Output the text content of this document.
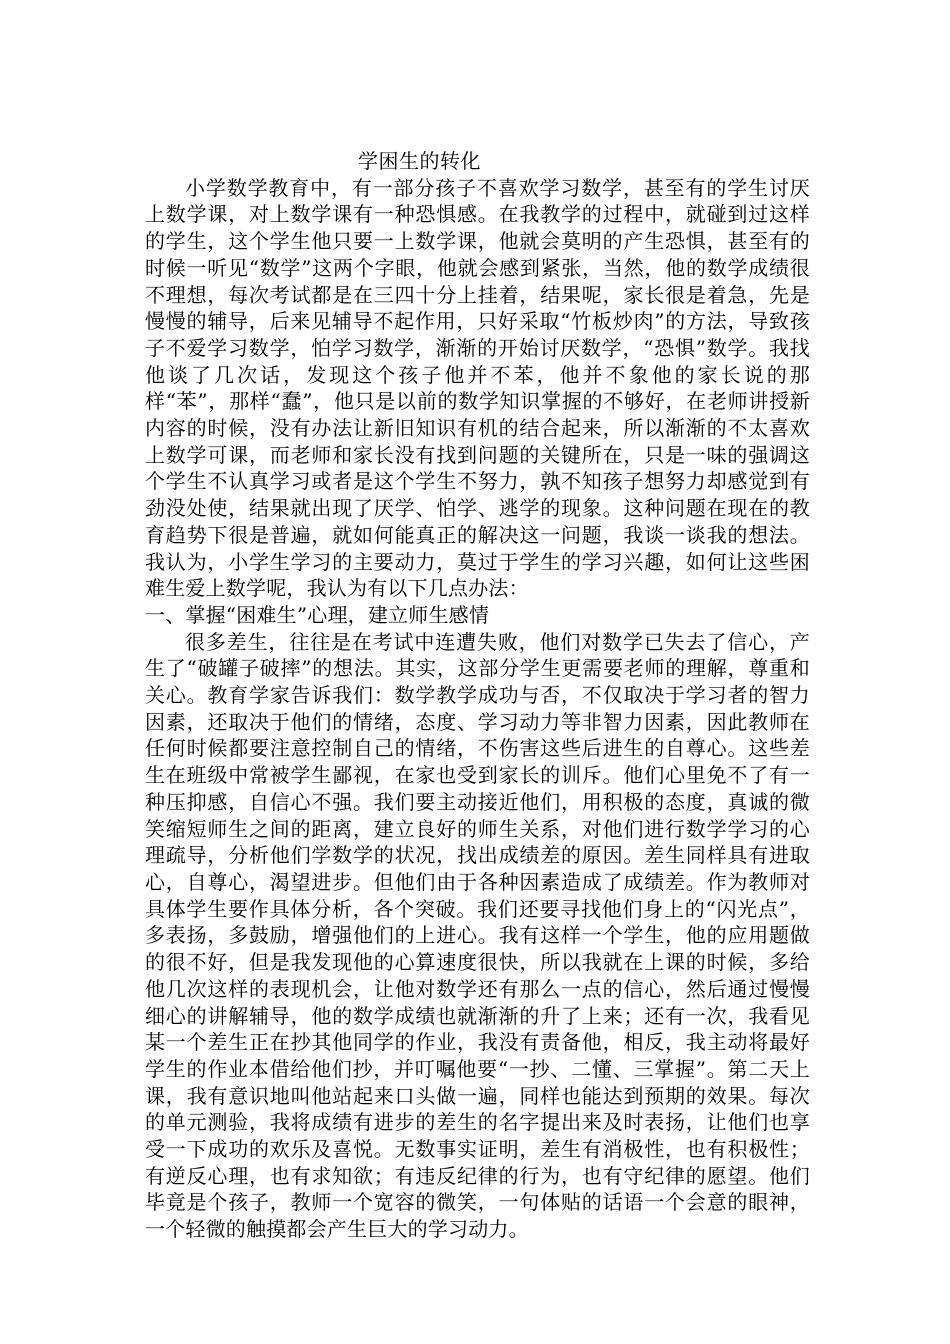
学困生的转化

小学数学教育中，有一部分孩子不喜欢学习数学，甚至有的学生讨厌上数学课，对上数学课有一种恐惧感。在我教学的过程中，就碰到过这样的学生，这个学生他只要一上数学课，他就会莫明的产生恐惧，甚至有的时候一听见“数学”这两个字眼，他就会感到紧张，当然，他的数学成绩很不理想，每次考试都是在三四十分上挂着，结果呢，家长很是着急，先是慢慢的辅导，后来见辅导不起作用，只好采取“竹板炒肉”的方法，导致孩子不爱学习数学，怕学习数学，渐渐的开始讨厌数学，“恐惧”数学。我找他谈了几次话，发现这个孩子他并不苯，他并不象他的家长说的那样“苯”，那样“蠢”，他只是以前的数学知识掌握的不够好，在老师讲授新内容的时候，没有办法让新旧知识有机的结合起来，所以渐渐的不太喜欢上数学可课，而老师和家长没有找到问题的关键所在，只是一味的强调这个学生不认真学习或者是这个学生不努力，孰不知孩子想努力却感觉到有劲没处使，结果就出现了厌学、怕学、逃学的现象。这种问题在现在的教育趋势下很是普遍，就如何能真正的解决这一问题，我谈一谈我的想法。我认为，小学生学习的主要动力，莫过于学生的学习兴趣，如何让这些困难生爱上数学呢，我认为有以下几点办法：

一、掌握“困难生”心理，建立师生感情

很多差生，往往是在考试中连遭失败，他们对数学已失去了信心，产生了“破罐子破摔”的想法。其实，这部分学生更需要老师的理解，尊重和关心。教育学家告诉我们：数学教学成功与否，不仅取决于学习者的智力因素，还取决于他们的情绪，态度、学习动力等非智力因素，因此教师在任何时候都要注意控制自己的情绪，不伤害这些后进生的自尊心。这些差生在班级中常被学生鄙视，在家也受到家长的训斥。他们心里免不了有一种压抑感，自信心不强。我们要主动接近他们，用积极的态度，真诚的微笑缩短师生之间的距离，建立良好的师生关系，对他们进行数学学习的心理疏导，分析他们学数学的状况，找出成绩差的原因。差生同样具有进取心，自尊心，渴望进步。但他们由于各种因素造成了成绩差。作为教师对具体学生要作具体分析，各个突破。我们还要寻找他们身上的“闪光点”，多表扬，多鼓励，增强他们的上进心。我有这样一个学生，他的应用题做的很不好，但是我发现他的心算速度很快，所以我就在上课的时候，多给他几次这样的表现机会，让他对数学还有那么一点的信心，然后通过慢慢细心的讲解辅导，他的数学成绩也就渐渐的升了上来；还有一次，我看见某一个差生正在抄其他同学的作业，我没有责备他，相反，我主动将最好学生的作业本借给他们抄，并叮嘱他要“一抄、二懂、三掌握”。第二天上课，我有意识地叫他站起来口头做一遍，同样也能达到预期的效果。每次的单元测验，我将成绩有进步的差生的名字提出来及时表扬，让他们也享受一下成功的欢乐及喜悦。无数事实证明，差生有消极性，也有积极性；有逆反心理，也有求知欲；有违反纪律的行为，也有守纪律的愿望。他们毕竟是个孩子，教师一个宽容的微笑，一句体贴的话语一个会意的眼神，一个轻微的触摸都会产生巨大的学习动力。
